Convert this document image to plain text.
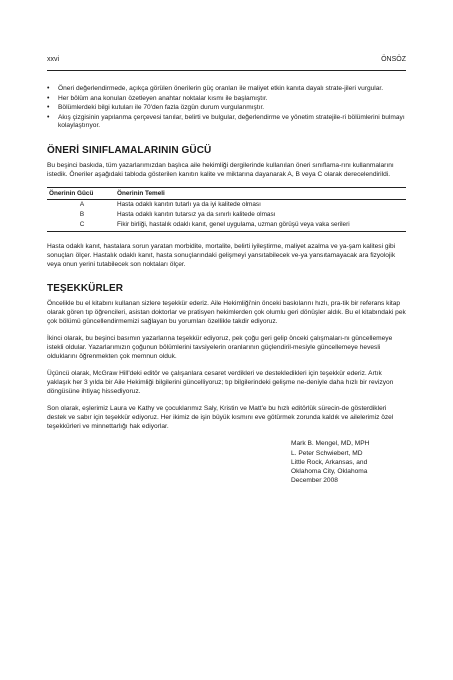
xxvi	ÖNSÖZ
• Öneri değerlendirmede, açıkça görülen önerilerin güç oranları ile maliyet etkin kanıta dayalı strate-jileri vurgular.
• Her bölüm ana konuları özetleyen anahtar noktalar kısmı ile başlamıştır.
• Bölümlerdeki bilgi kutuları ile 70'den fazla özgün durum vurgulanmıştır.
• Akış çizgisinin yapılanma çerçevesi tanılar, belirti ve bulgular, değerlendirme ve yönetim stratejile-ri bölümlerini bulmayı kolaylaştırıyor.
ÖNERİ SINIFLAMALARININ GÜCÜ

Bu beşinci baskıda, tüm yazarlarımızdan başlıca aile hekimliği dergilerinde kullanılan öneri sınıflama-rını kullanmalarını istedik. Öneriler aşağıdaki tabloda gösterilen kanıtın kalite ve miktarına dayanarak A, B veya C olarak derecelendirildi.

Önerinin Gücü	Önerinin Temeli
A	Hasta odaklı kanıtın tutarlı ya da iyi kalitede olması
B	Hasta odaklı kanıtın tutarsız ya da sınırlı kalitede olması
C	Fikir birliği, hastalık odaklı kanıt, genel uygulama, uzman görüşü veya vaka serileri

Hasta odaklı kanıt, hastalara sorun yaratan morbidite, mortalite, belirti iyileştirme, maliyet azalma ve ya-şam kalitesi gibi sonuçları ölçer. Hastalık odaklı kanıt, hasta sonuçlarındaki gelişmeyi yansıtabilecek ve-ya yansıtamayacak ara fizyolojik veya onun yerini tutabilecek son noktaları ölçer.

TEŞEKKÜRLER

Öncelikle bu el kitabını kullanan sizlere teşekkür ederiz. Aile Hekimliği'nin önceki baskılarını hızlı, pra-tik bir referans kitap olarak gören tıp öğrencileri, asistan doktorlar ve pratisyen hekimlerden çok olumlu geri dönüşler aldık. Bu el kitabındaki pek çok bölümü güncellendirmemizi sağlayan bu yorumları özellikle takdir ediyoruz.

İkinci olarak, bu beşinci basımın yazarlarına teşekkür ediyoruz, pek çoğu geri gelip önceki çalışmaları-nı güncellemeye istekli oldular. Yazarlarımızın çoğunun bölümlerini tavsiyelerin oranlarının güçlendiril-mesiyle güncellemeye hevesli olduklarını öğrenmekten çok memnun olduk.

Üçüncü olarak, McGraw Hill'deki editör ve çalışanlara cesaret verdikleri ve destekledikleri için teşekkür ederiz. Artık yaklaşık her 3 yılda bir Aile Hekimliği bilgilerini güncelliyoruz; tıp bilgilerindeki gelişme ne-deniyle daha hızlı bir revizyon döngüsüne ihtiyaç hissediyoruz.

Son olarak, eşlerimiz Laura ve Kathy ve çocuklarımız Saly, Kristin ve Matt'e bu hızlı editörlük sürecin-de gösterdikleri destek ve sabır için teşekkür ediyoruz. Her ikimiz de işin büyük kısmını eve götürmek zorunda kaldık ve ailelerimiz özel teşekkürleri ve minnettarlığı hak ediyorlar.

Mark B. Mengel, MD, MPH
L. Peter Schwiebert, MD
Little Rock, Arkansas, and
Oklahoma City, Oklahoma
December 2008
